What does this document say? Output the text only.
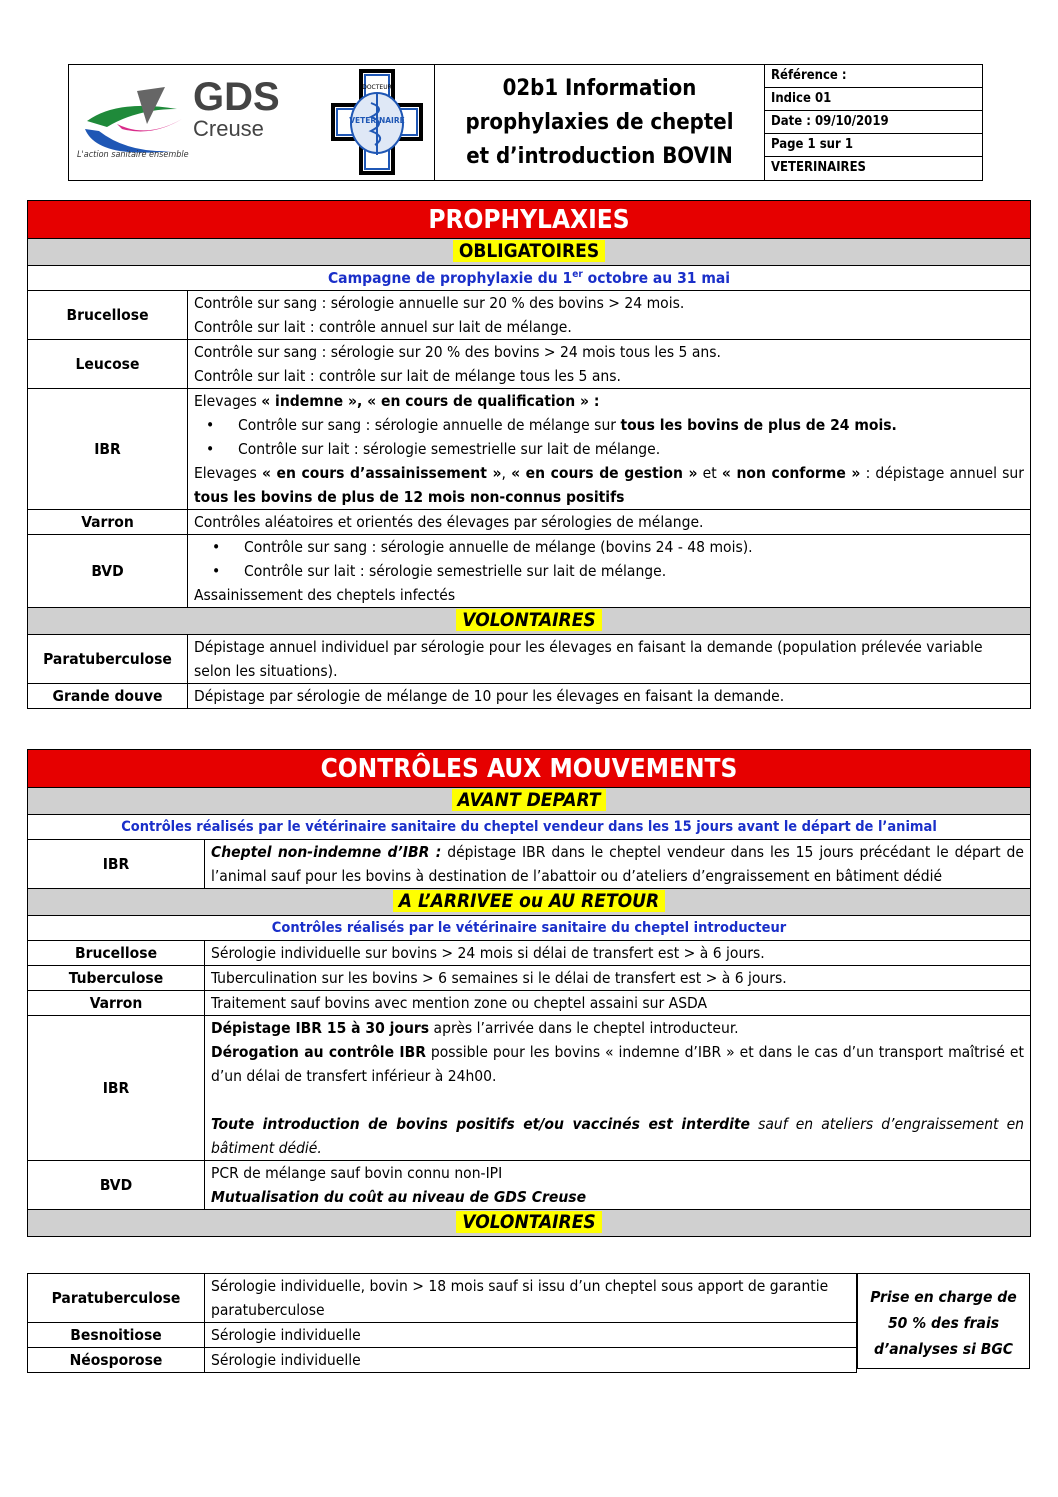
GDS
Creuse
L'action sanitaire ensemble
DOCTEUR
VETERINAIRE

02b1 Information
prophylaxies de cheptel
et d’introduction BOVIN

Référence :
Indice 01
Date : 09/10/2019
Page 1 sur 1
VETERINAIRES
PROPHYLAXIES	
OBLIGATOIRES	
Campagne de prophylaxie du 1er octobre au 31 mai	
Brucellose	Contrôle sur sang : sérologie annuelle sur 20 % des bovins > 24 mois.
Contrôle sur lait : contrôle annuel sur lait de mélange.

Leucose	Contrôle sur sang : sérologie sur 20 % des bovins > 24 mois tous les 5 ans.
Contrôle sur lait : contrôle sur lait de mélange tous les 5 ans.

IBR	Elevages « indemne », « en cours de qualification » :
• Contrôle sur sang : sérologie annuelle de mélange sur tous les bovins de plus de 24 mois.
• Contrôle sur lait : sérologie semestrielle sur lait de mélange.
Elevages « en cours d’assainissement », « en cours de gestion » et « non conforme » : dépistage annuel sur tous les bovins de plus de 12 mois non-connus positifs

Varron	Contrôles aléatoires et orientés des élevages par sérologies de mélange.
BVD	• Contrôle sur sang : sérologie annuelle de mélange (bovins 24 - 48 mois).
• Contrôle sur lait : sérologie semestrielle sur lait de mélange.
Assainissement des cheptels infectés

VOLONTAIRES	
Paratuberculose	Dépistage annuel individuel par sérologie pour les élevages en faisant la demande (population prélevée variable selon les situations).
Grande douve	Dépistage par sérologie de mélange de 10 pour les élevages en faisant la demande.
CONTRÔLES AUX MOUVEMENTS	
AVANT DEPART	
Contrôles réalisés par le vétérinaire sanitaire du cheptel vendeur dans les 15 jours avant le départ de l’animal	
IBR	Cheptel non-indemne d’IBR : dépistage IBR dans le cheptel vendeur dans les 15 jours précédant le départ de l’animal sauf pour les bovins à destination de l’abattoir ou d’ateliers d’engraissement en bâtiment dédié
A L’ARRIVEE ou AU RETOUR	
Contrôles réalisés par le vétérinaire sanitaire du cheptel introducteur	
Brucellose	Sérologie individuelle sur bovins > 24 mois si délai de transfert est > à 6 jours.
Tuberculose	Tuberculination sur les bovins > 6 semaines si le délai de transfert est > à 6 jours.
Varron	Traitement sauf bovins avec mention zone ou cheptel assaini sur ASDA
IBR	Dépistage IBR 15 à 30 jours après l’arrivée dans le cheptel introducteur.
Dérogation au contrôle IBR possible pour les bovins « indemne d’IBR » et dans le cas d’un transport maîtrisé et d’un délai de transfert inférieur à 24h00.
Toute introduction de bovins positifs et/ou vaccinés est interdite sauf en ateliers d’engraissement en bâtiment dédié.

BVD	PCR de mélange sauf bovin connu non-IPI
Mutualisation du coût au niveau de GDS Creuse

VOLONTAIRES	
Paratuberculose	Sérologie individuelle, bovin > 18 mois sauf si issu d’un cheptel sous apport de garantie paratuberculose
Besnoitiose	Sérologie individuelle
Néosporose	Sérologie individuelle
Prise en charge de
50 % des frais
d’analyses si BGC
